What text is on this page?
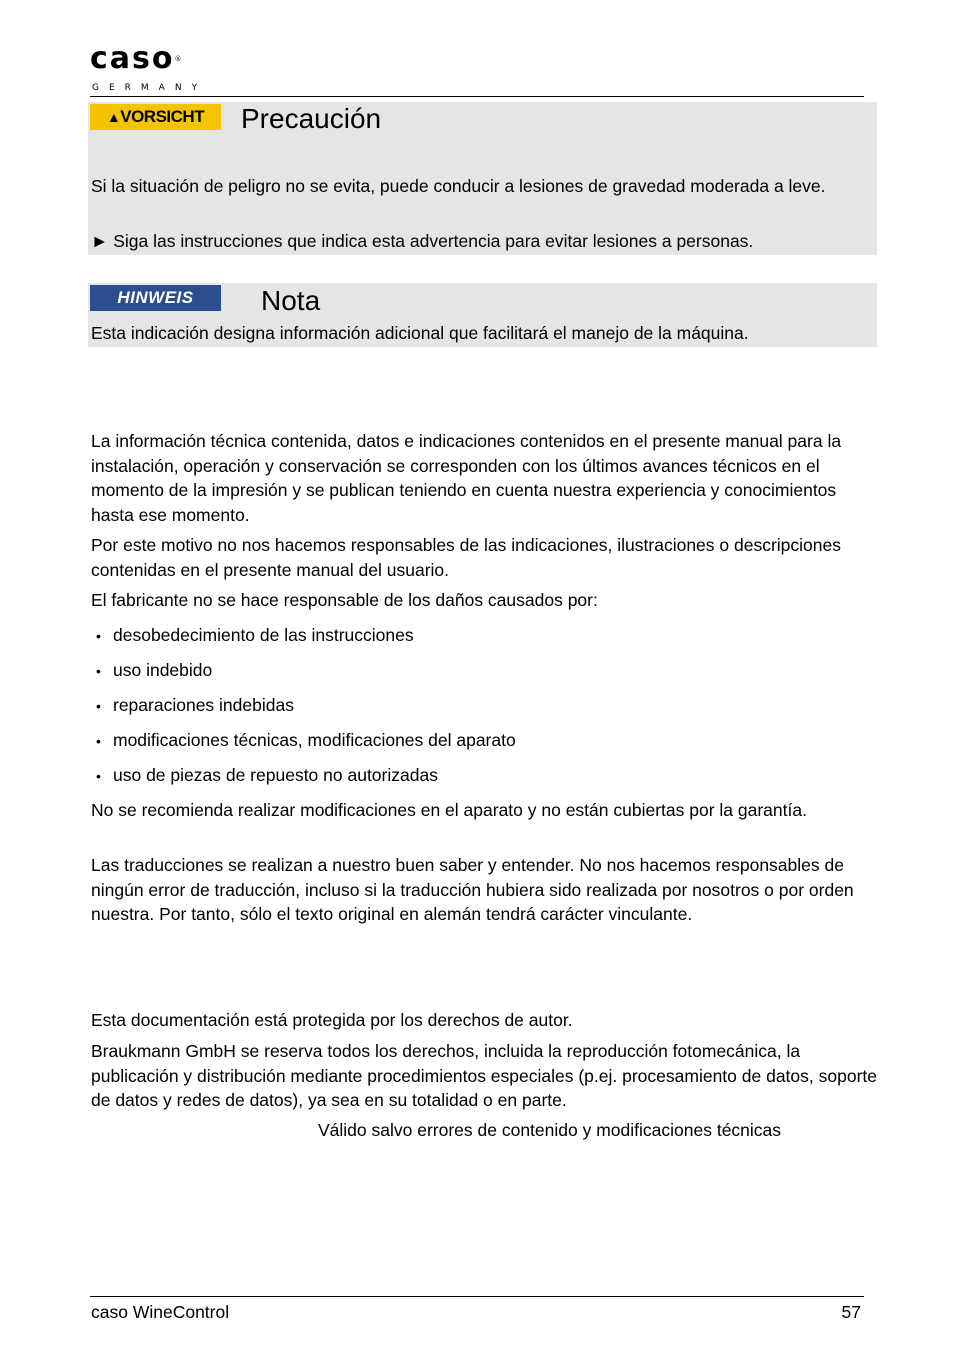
caso®
GERMANY
▲VORSICHT	Precaución
Si la situación de peligro no se evita, puede conducir a lesiones de gravedad moderada a leve.
► Siga las instrucciones que indica esta advertencia para evitar lesiones a personas.
HINWEIS	Nota
Esta indicación designa información adicional que facilitará el manejo de la máquina.
La información técnica contenida, datos e indicaciones contenidos en el presente manual para la instalación, operación y conservación se corresponden con los últimos avances técnicos en el momento de la impresión y se publican teniendo en cuenta nuestra experiencia y conocimientos hasta ese momento.
Por este motivo no nos hacemos responsables de las indicaciones, ilustraciones o descripciones contenidas en el presente manual del usuario.
El fabricante no se hace responsable de los daños causados por:
• desobedecimiento de las instrucciones
• uso indebido
• reparaciones indebidas
• modificaciones técnicas, modificaciones del aparato
• uso de piezas de repuesto no autorizadas
No se recomienda realizar modificaciones en el aparato y no están cubiertas por la garantía.
Las traducciones se realizan a nuestro buen saber y entender. No nos hacemos responsables de ningún error de traducción, incluso si la traducción hubiera sido realizada por nosotros o por orden nuestra. Por tanto, sólo el texto original en alemán tendrá carácter vinculante.
Esta documentación está protegida por los derechos de autor.
Braukmann GmbH se reserva todos los derechos, incluida la reproducción fotomecánica, la publicación y distribución mediante procedimientos especiales (p.ej. procesamiento de datos, soporte de datos y redes de datos), ya sea en su totalidad o en parte.
Válido salvo errores de contenido y modificaciones técnicas
caso WineControl	57
